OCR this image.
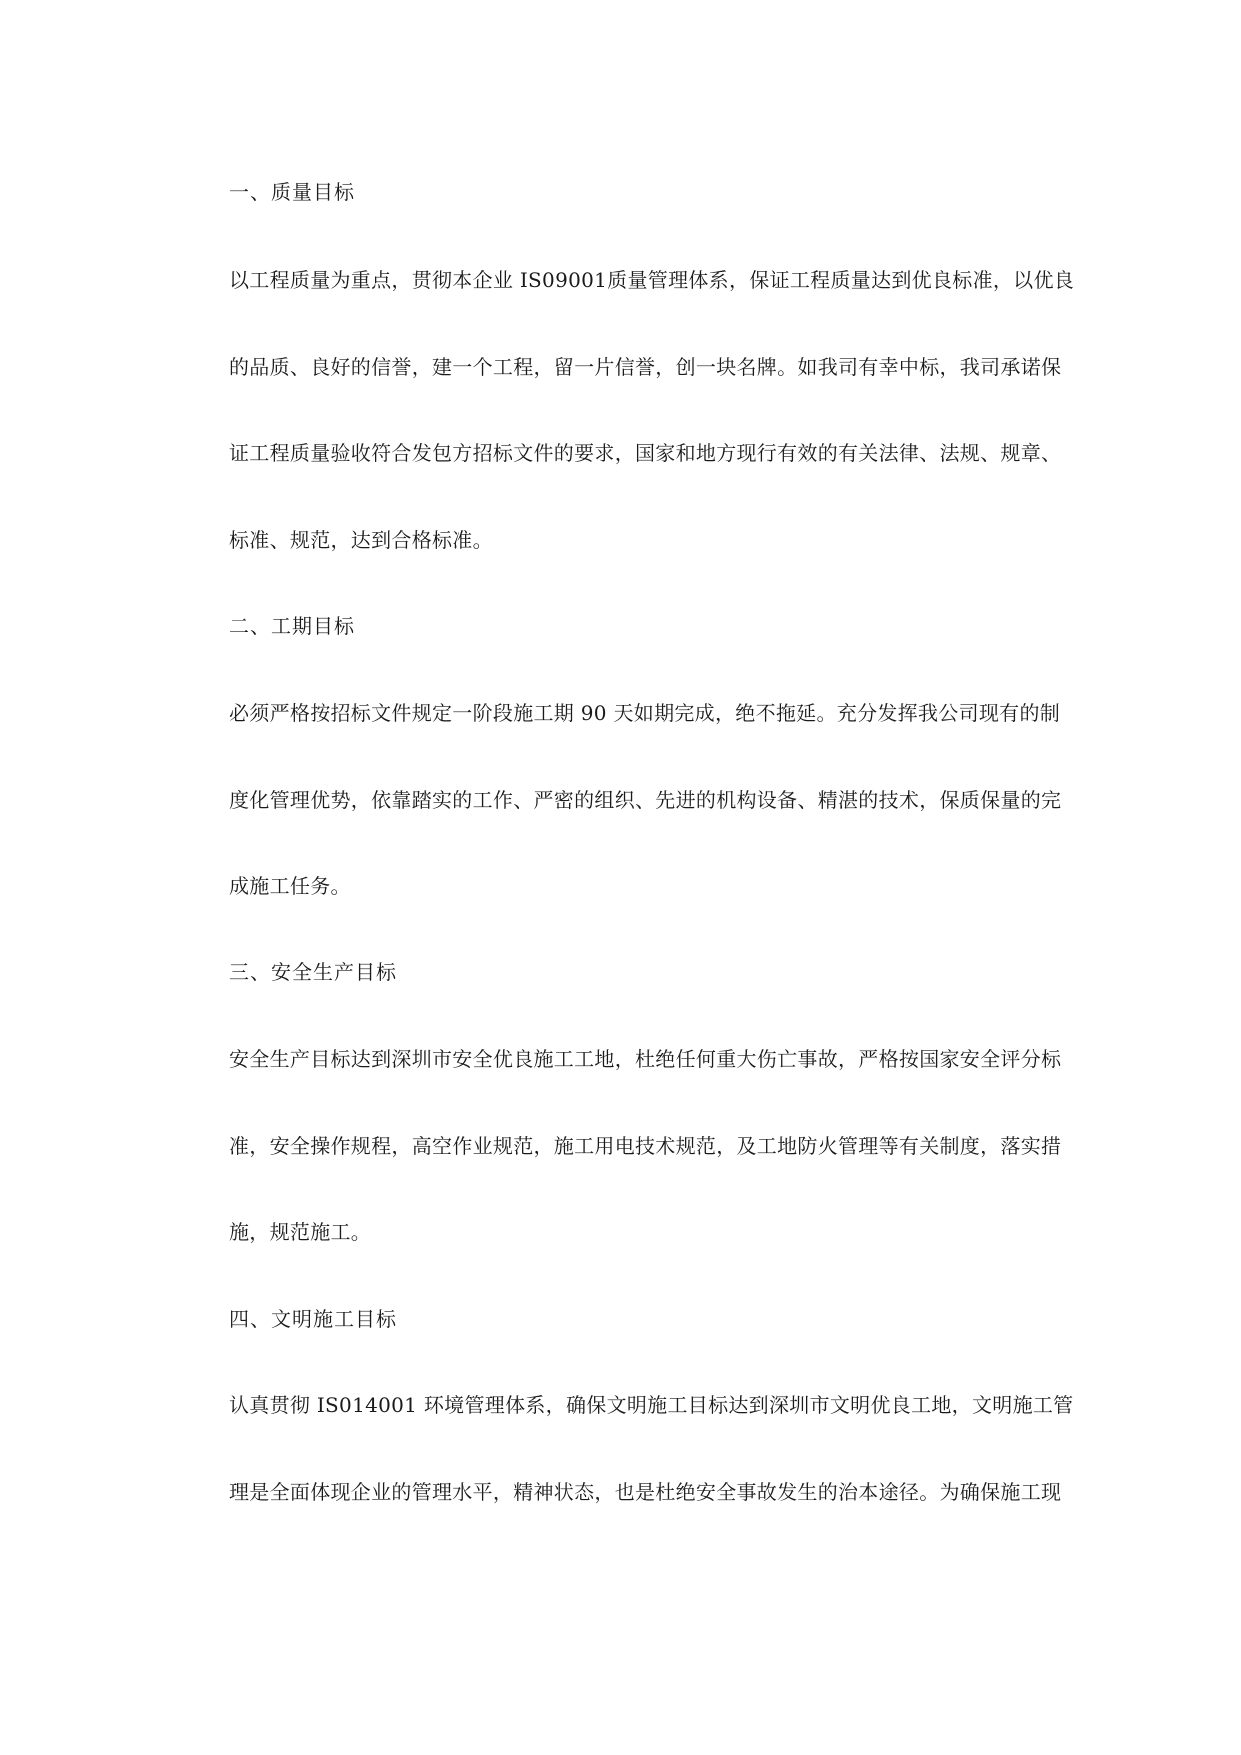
一、质量目标
以工程质量为重点，贯彻本企业 IS09001质量管理体系，保证工程质量达到优良标准，以优良
的品质、良好的信誉，建一个工程，留一片信誉，创一块名牌。如我司有幸中标，我司承诺保
证工程质量验收符合发包方招标文件的要求，国家和地方现行有效的有关法律、法规、规章、
标准、规范，达到合格标准。
二、工期目标
必须严格按招标文件规定一阶段施工期 90 天如期完成，绝不拖延。充分发挥我公司现有的制
度化管理优势，依靠踏实的工作、严密的组织、先进的机构设备、精湛的技术，保质保量的完
成施工任务。
三、安全生产目标
安全生产目标达到深圳市安全优良施工工地，杜绝任何重大伤亡事故，严格按国家安全评分标
准，安全操作规程，高空作业规范，施工用电技术规范，及工地防火管理等有关制度，落实措
施，规范施工。
四、文明施工目标
认真贯彻 IS014001 环境管理体系，确保文明施工目标达到深圳市文明优良工地，文明施工管
理是全面体现企业的管理水平，精神状态，也是杜绝安全事故发生的治本途径。为确保施工现
